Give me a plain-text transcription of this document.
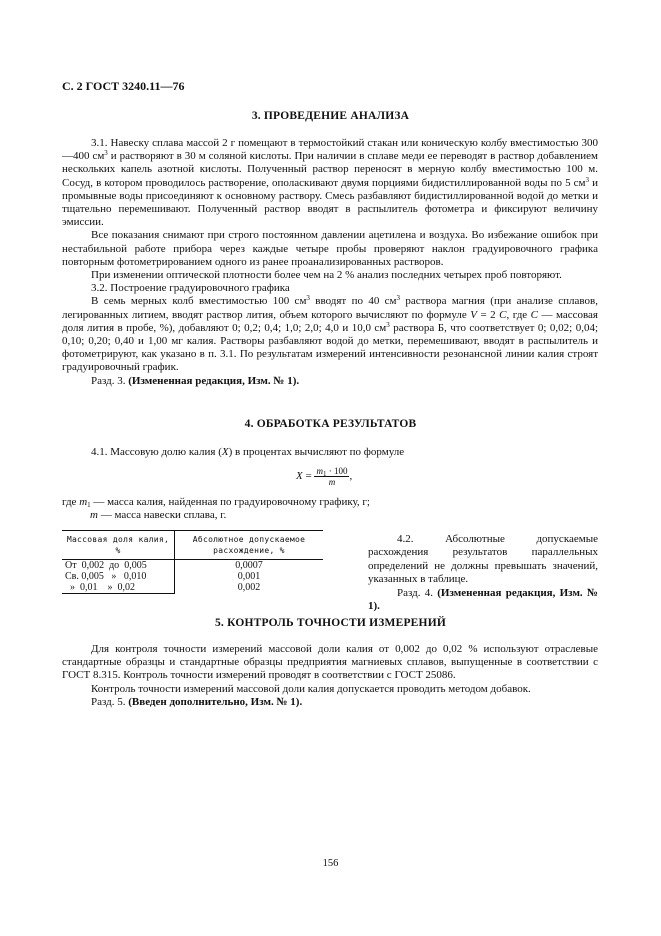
С. 2 ГОСТ 3240.11—76
3. ПРОВЕДЕНИЕ АНАЛИЗА

3.1. Навеску сплава массой 2 г помещают в термостойкий стакан или коническую колбу вместимостью 300—400 $см^3$ и растворяют в 30 м соляной кислоты. При наличии в сплаве меди ее переводят в раствор добавлением нескольких капель азотной кислоты. Полученный раствор переносят в мерную колбу вместимостью 100 м. Сосуд, в котором проводилось растворение, ополаскивают двумя порциями бидистиллированной воды по 5 $см^3$ и промывные воды присоединяют к основному раствору. Смесь разбавляют бидистиллированной водой до метки и тщательно перемешивают. Полученный раствор вводят в распылитель фотометра и фиксируют величину эмиссии.

Все показания снимают при строго постоянном давлении ацетилена и воздуха. Во избежание ошибок при нестабильной работе прибора через каждые четыре пробы проверяют наклон градуировочного графика повторным фотометрированием одного из ранее проанализированных растворов.

При изменении оптической плотности более чем на 2 % анализ последних четырех проб повторяют.

3.2. Построение градуировочного графика

В семь мерных колб вместимостью 100 $см^3$ вводят по 40 $см^3$ раствора магния (при анализе сплавов, легированных литием, вводят раствор лития, объем которого вычисляют по формуле V = 2 C, где C — массовая доля лития в пробе, %), добавляют 0; 0,2; 0,4; 1,0; 2,0; 4,0 и 10,0 $см^3$ раствора Б, что соответствует 0; 0,02; 0,04; 0,10; 0,20; 0,40 и 1,00 мг калия. Растворы разбавляют водой до метки, перемешивают, вводят в распылитель и фотометрируют, как указано в п. 3.1. По результатам измерений интенсивности резонансной линии калия строят градуировочный график.

Разд. 3. (Измененная редакция, Изм. № 1).

4. ОБРАБОТКА РЕЗУЛЬТАТОВ

4.1. Массовую долю калия (X) в процентах вычисляют по формуле

$X = \frac{m_1 \cdot 100}{m}$ ,

где $m_1$ — масса калия, найденная по градуировочному графику, г;

m — масса навески сплава, г.

Массовая доля калия, %	Абсолютное допускаемое расхождение, %
От 0,002 до 0,005	0,0007
Св. 0,005 » 0,010	0,001
» 0,01 » 0,02	0,002

4.2. Абсолютные допускаемые расхождения результатов параллельных определений не должны превышать значений, указанных в таблице.

Разд. 4. (Измененная редакция, Изм. № 1).

5. КОНТРОЛЬ ТОЧНОСТИ ИЗМЕРЕНИЙ

Для контроля точности измерений массовой доли калия от 0,002 до 0,02 % используют отраслевые стандартные образцы и стандартные образцы предприятия магниевых сплавов, выпущенные в соответствии с ГОСТ 8.315. Контроль точности измерений проводят в соответствии с ГОСТ 25086.

Контроль точности измерений массовой доли калия допускается проводить методом добавок.

Разд. 5. (Введен дополнительно, Изм. № 1).

156
